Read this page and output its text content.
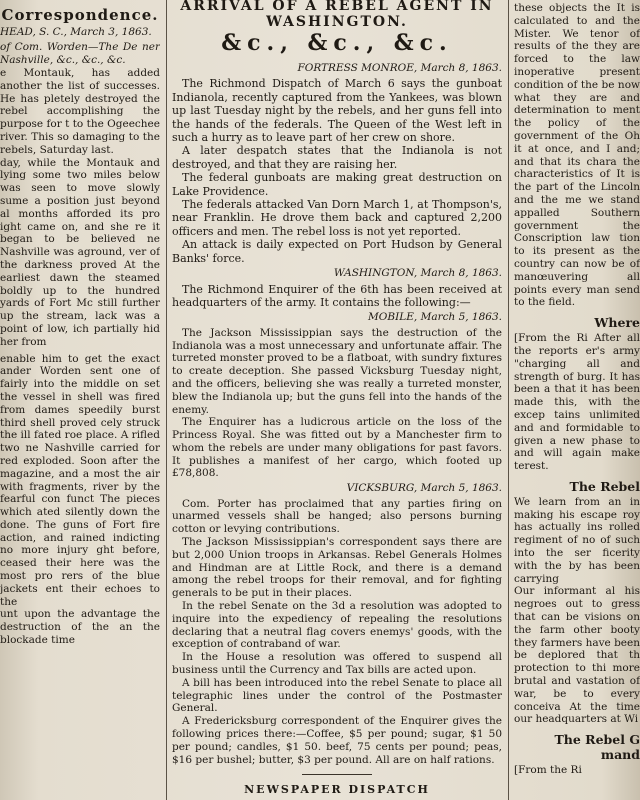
Correspondence.

HEAD, S. C., March 3, 1863.

of Com. Worden—The De ner Nashville, &c., &c., &c.

e Montauk, has added another the list of successes. He has pletely destroyed the rebel accomplishing the purpose for t to the Ogeechee river. This so damaging to the rebels, Saturday last.

day, while the Montauk and lying some two miles below was seen to move slowly sume a position just beyond al months afforded its pro ight came on, and she re it began to be believed ne Nashville was aground, ver of the darkness proved At the earliest dawn the steamed boldly up to the hundred yards of Fort Mc still further up the stream, lack was a point of low, ich partially hid her from

enable him to get the exact ander Worden sent one of fairly into the middle on set the vessel in shell was fired from dames speedily burst third shell proved cely struck the ill fated roe place. A rifled two ne Nashville carried for red exploded. Soon after the magazine, and a most the air with fragments, river by the fearful con funct The pieces which ated silently down the done. The guns of Fort fire action, and rained indicting no more injury ght before, ceased their here was the most pro rers of the blue jackets ent their echoes to the

unt upon the advantage the destruction of the an the blockade time

ARRIVAL OF A REBEL AGENT IN WASHINGTON.
&c., &c., &c.

FORTRESS MONROE, March 8, 1863.

The Richmond Dispatch of March 6 says the gunboat Indianola, recently captured from the Yankees, was blown up last Tuesday night by the rebels, and her guns fell into the hands of the federals. The Queen of the West left in such a hurry as to leave part of her crew on shore.

A later despatch states that the Indianola is not destroyed, and that they are raising her.

The federal gunboats are making great destruction on Lake Providence.

The federals attacked Van Dorn March 1, at Thompson's, near Franklin. He drove them back and captured 2,200 officers and men. The rebel loss is not yet reported.

An attack is daily expected on Port Hudson by General Banks' force.

WASHINGTON, March 8, 1863.

The Richmond Enquirer of the 6th has been received at headquarters of the army. It contains the following:—

MOBILE, March 5, 1863.

The Jackson Mississippian says the destruction of the Indianola was a most unnecessary and unfortunate affair. The turreted monster proved to be a flatboat, with sundry fixtures to create deception. She passed Vicksburg Tuesday night, and the officers, believing she was really a turreted monster, blew the Indianola up; but the guns fell into the hands of the enemy.

The Enquirer has a ludicrous article on the loss of the Princess Royal. She was fitted out by a Manchester firm to whom the rebels are under many obligations for past favors. It publishes a manifest of her cargo, which footed up £78,808.

VICKSBURG, March 5, 1863.

Com. Porter has proclaimed that any parties firing on unarmed vessels shall be hanged; also persons burning cotton or levying contributions.

The Jackson Mississippian's correspondent says there are but 2,000 Union troops in Arkansas. Rebel Generals Holmes and Hindman are at Little Rock, and there is a demand among the rebel troops for their removal, and for fighting generals to be put in their places.

In the rebel Senate on the 3d a resolution was adopted to inquire into the expediency of repealing the resolutions declaring that a neutral flag covers enemys' goods, with the exception of contraband of war.

In the House a resolution was offered to suspend all business until the Currency and Tax bills are acted upon.

A bill has been introduced into the rebel Senate to place all telegraphic lines under the control of the Postmaster General.

A Fredericksburg correspondent of the Enquirer gives the following prices there:—Coffee, $5 per pound; sugar, $1 50 per pound; candles, $1 50. beef, 75 cents per pound; peas, $16 per bushel; butter, $3 per pound. All are on half rations.

NEWSPAPER DISPATCH

these objects the It is calculated to and the Mister. We tenor of results of the they are forced to the law inoperative present condition of the be now what they are and determination to ment the policy of the government of the Oh it at once, and I and; and that its chara the characteristics of It is the part of the Lincoln and the me we stand appalled Southern government the Conscription law tion to its present as the country can now be of manœuvering all points every man send to the field.

Where

[From the Ri After all the reports er's army "charging all and strength of burg. It has been a that it has been made this, with the excep tains unlimited and and formidable to given a new phase to and will again make terest.

The Rebel

We learn from an in making his escape roy has actually ins rolled regiment of no of such into the ser ficerity with the by has been carrying

Our informant al his negroes out to gress that can be visions on the farm other booty they farmers have been be deplored that th protection to thi more brutal and vastation of war, be to every conceiva At the time our headquarters at Wi

The Rebel G mand

[From the Ri
